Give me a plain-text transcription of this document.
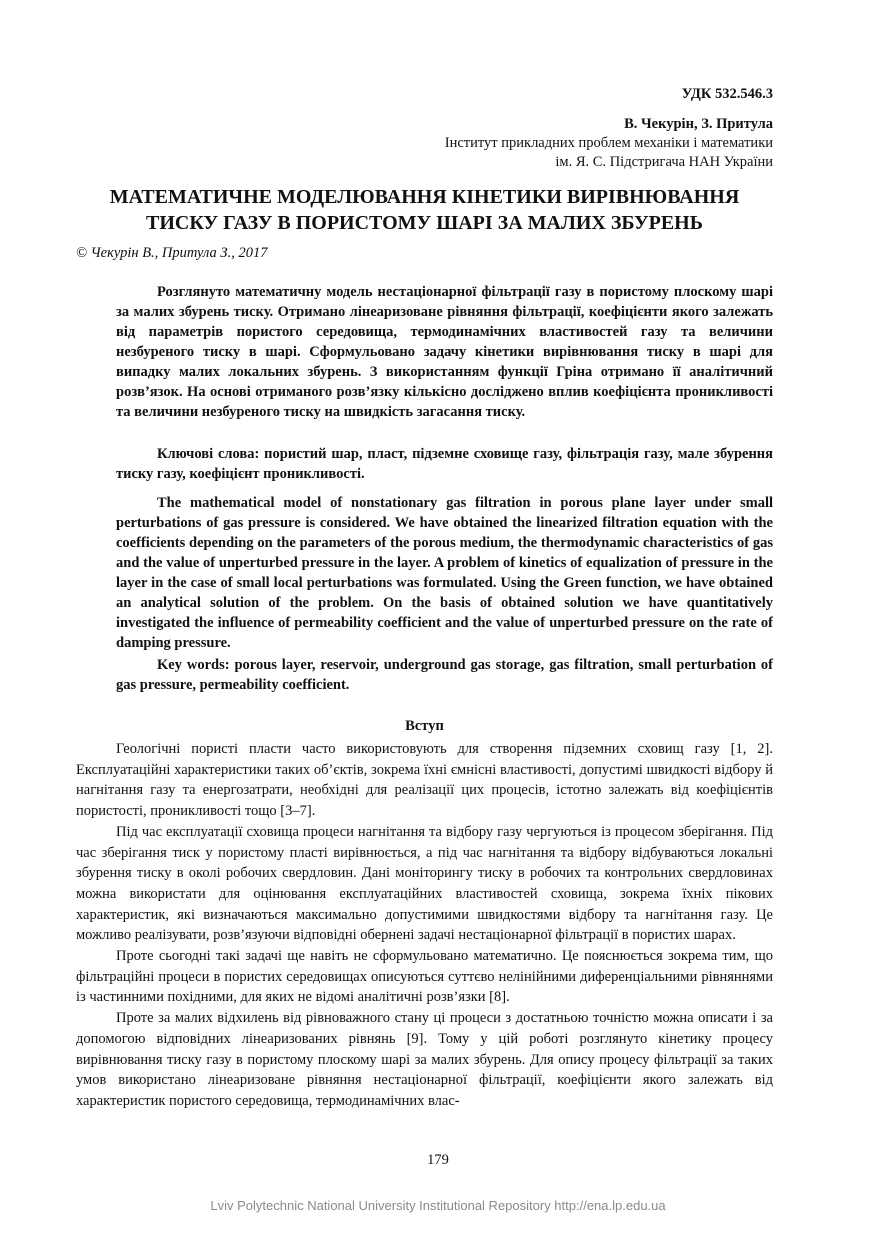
УДК 532.546.3
В. Чекурін, З. Притула
Інститут прикладних проблем механіки і математики
ім. Я. С. Підстригача НАН України
МАТЕМАТИЧНЕ МОДЕЛЮВАННЯ КІНЕТИКИ ВИРІВНЮВАННЯ
ТИСКУ ГАЗУ В ПОРИСТОМУ ШАРІ ЗА МАЛИХ ЗБУРЕНЬ
© Чекурін В., Притула З., 2017

Розглянуто математичну модель нестаціонарної фільтрації газу в пористому плоскому шарі за малих збурень тиску. Отримано лінеаризоване рівняння фільтрації, коефіцієнти якого залежать від параметрів пористого середовища, термодинамічних властивостей газу та величини незбуреного тиску в шарі. Сформульовано задачу кінетики вирівнювання тиску в шарі для випадку малих локальних збурень. З використанням функції Гріна отримано її аналітичний розв’язок. На основі отриманого розв’язку кількісно досліджено вплив коефіцієнта проникливості та величини незбуреного тиску на швидкість загасання тиску.

Ключові слова: пористий шар, пласт, підземне сховище газу, фільтрація газу, мале збурення тиску газу, коефіцієнт проникливості.

The mathematical model of nonstationary gas filtration in porous plane layer under small perturbations of gas pressure is considered. We have obtained the linearized filtration equation with the coefficients depending on the parameters of the porous medium, the thermodynamic characteristics of gas and the value of unperturbed pressure in the layer. A problem of kinetics of equalization of pressure in the layer in the case of small local perturbations was formulated. Using the Green function, we have obtained an analytical solution of the problem. On the basis of obtained solution we have quantitatively investigated the influence of permeability coefficient and the value of unperturbed pressure on the rate of damping pressure.

Key words: porous layer, reservoir, underground gas storage, gas filtration, small perturbation of gas pressure, permeability coefficient.

Вступ

Геологічні пористі пласти часто використовують для створення підземних сховищ газу [1, 2]. Експлуатаційні характеристики таких об’єктів, зокрема їхні ємнісні властивості, допустимі швидкості відбору й нагнітання газу та енергозатрати, необхідні для реалізації цих процесів, істотно залежать від коефіцієнтів пористості, проникливості тощо [3–7].

Під час експлуатації сховища процеси нагнітання та відбору газу чергуються із процесом зберігання. Під час зберігання тиск у пористому пласті вирівнюється, а під час нагнітання та відбору відбуваються локальні збурення тиску в околі робочих свердловин. Дані моніторингу тиску в робочих та контрольних свердловинах можна використати для оцінювання експлуатаційних властивостей сховища, зокрема їхніх пікових характеристик, які визначаються максимально допустимими швидкостями відбору та нагнітання газу. Це можливо реалізувати, розв’язуючи відповідні обернені задачі нестаціонарної фільтрації в пористих шарах.

Проте сьогодні такі задачі ще навіть не сформульовано математично. Це пояснюється зокрема тим, що фільтраційні процеси в пористих середовищах описуються суттєво нелінійними диференціальними рівняннями із частинними похідними, для яких не відомі аналітичні розв’язки [8].

Проте за малих відхилень від рівноважного стану ці процеси з достатньою точністю можна описати і за допомогою відповідних лінеаризованих рівнянь [9]. Тому у цій роботі розглянуто кінетику процесу вирівнювання тиску газу в пористому плоскому шарі за малих збурень. Для опису процесу фільтрації за таких умов використано лінеаризоване рівняння нестаціонарної фільтрації, коефіцієнти якого залежать від характеристик пористого середовища, термодинамічних влас-

179
Lviv Polytechnic National University Institutional Repository http://ena.lp.edu.ua
